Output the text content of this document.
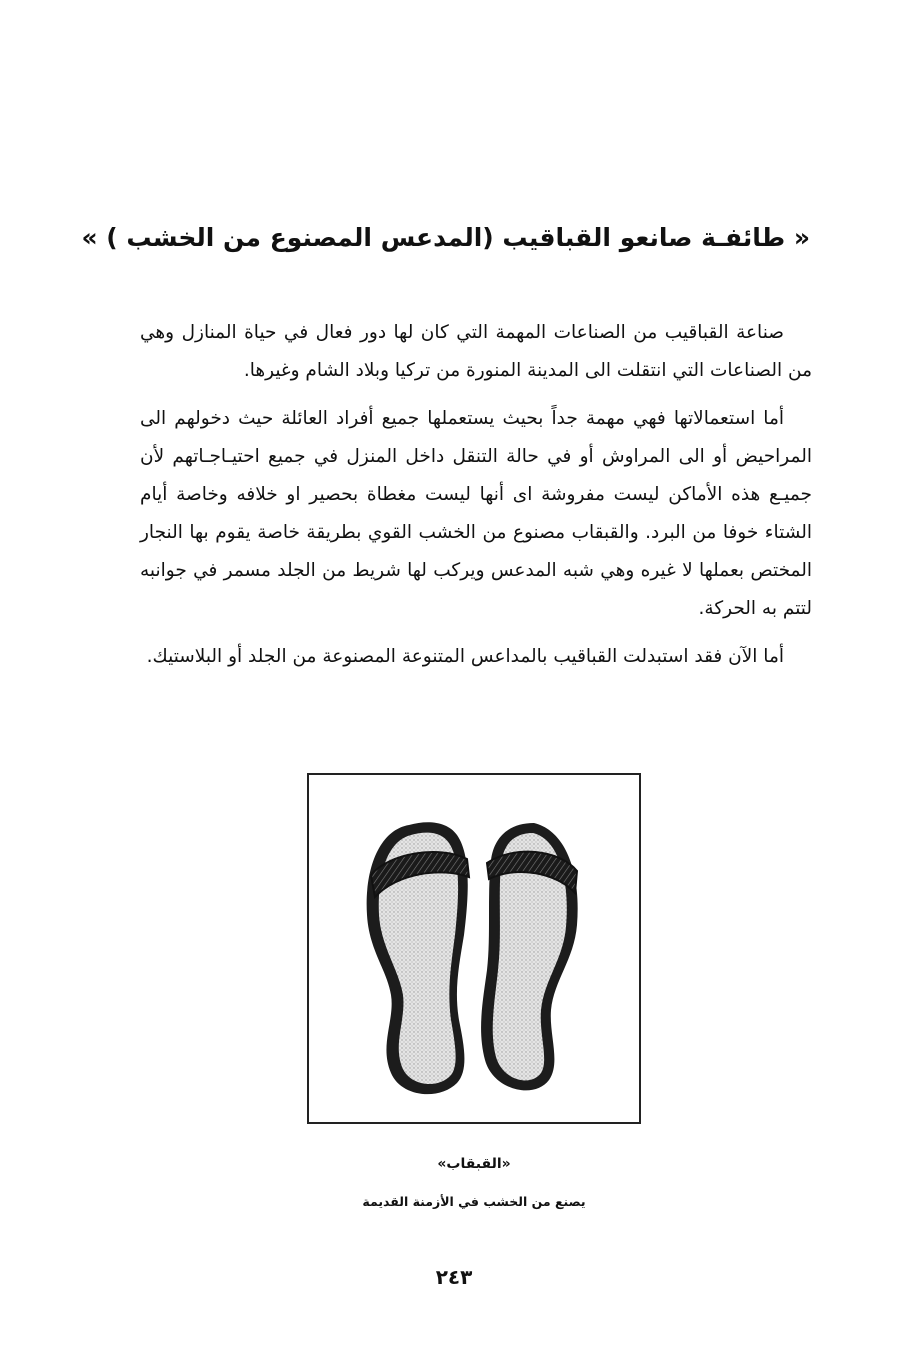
« طائفـة صانعو القباقيب (المدعس المصنوع من الخشب ) »

صناعة القباقيب من الصناعات المهمة التي كان لها دور فعال في حياة المنازل وهي من الصناعات التي انتقلت الى المدينة المنورة من تركيا وبلاد الشام وغيرها.

أما استعمالاتها فهي مهمة جداً بحيث يستعملها جميع أفراد العائلة حيث دخولهم الى المراحيض أو الى المراوش أو في حالة التنقل داخل المنزل في جميع احتيـاجـاتهم لأن جميـع هذه الأماكن ليست مفروشة اى أنها ليست مغطاة بحصير او خلافه وخاصة أيام الشتاء خوفا من البرد. والقبقاب مصنوع من الخشب القوي بطريقة خاصة يقوم بها النجار المختص بعملها لا غيره وهي شبه المدعس ويركب لها شريط من الجلد مسمر في جوانبه لتتم به الحركة.

أما الآن فقد استبدلت القباقيب بالمداعس المتنوعة المصنوعة من الجلد أو البلاستيك.

«القبقاب»
يصنع من الخشب في الأزمنة القديمة
٢٤٣
